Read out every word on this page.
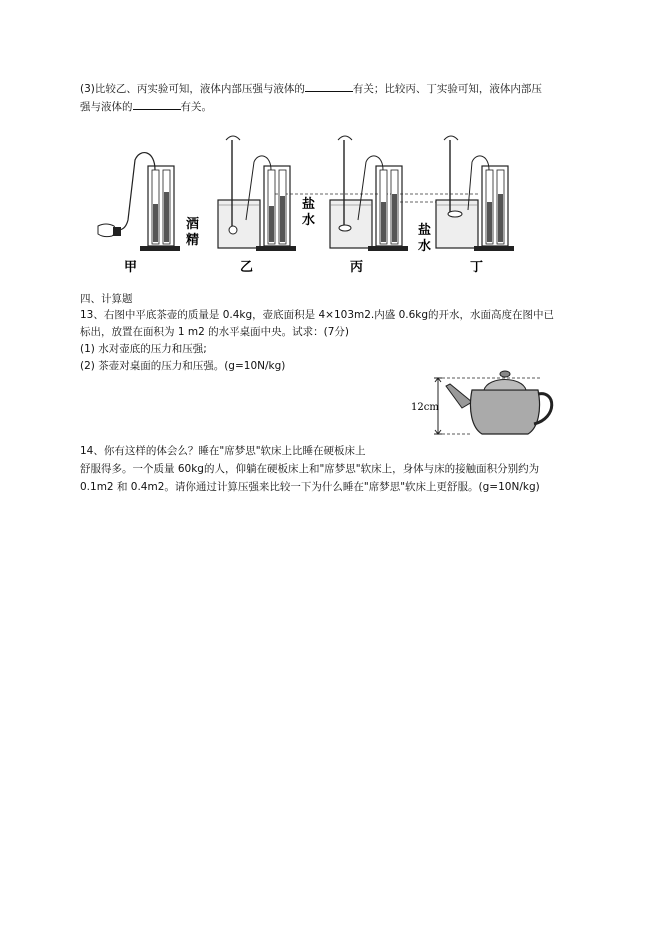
(3)比较乙、丙实验可知，液体内部压强与液体的	有关；比较丙、丁实验可知，液体内部压
强与液体的	有关。
酒
精
盐
水
盐
水
甲	乙	丙	丁
四、计算题
13、右图中平底茶壶的质量是 0.4kg，壶底面积是 4×103m2.内盛 0.6kg的开水，水面高度在图中已
标出，放置在面积为 1 m2 的水平桌面中央。试求：(7分)
(1) 水对壶底的压力和压强;
(2) 茶壶对桌面的压力和压强。(g=10N/kg)
12cm
14、你有这样的体会么？睡在"席梦思"软床上比睡在硬板床上
舒服得多。一个质量 60kg的人，仰躺在硬板床上和"席梦思"软床上，身体与床的接触面积分别约为
0.1m2 和 0.4m2。请你通过计算压强来比较一下为什么睡在"席梦思"软床上更舒服。(g=10N/kg)
